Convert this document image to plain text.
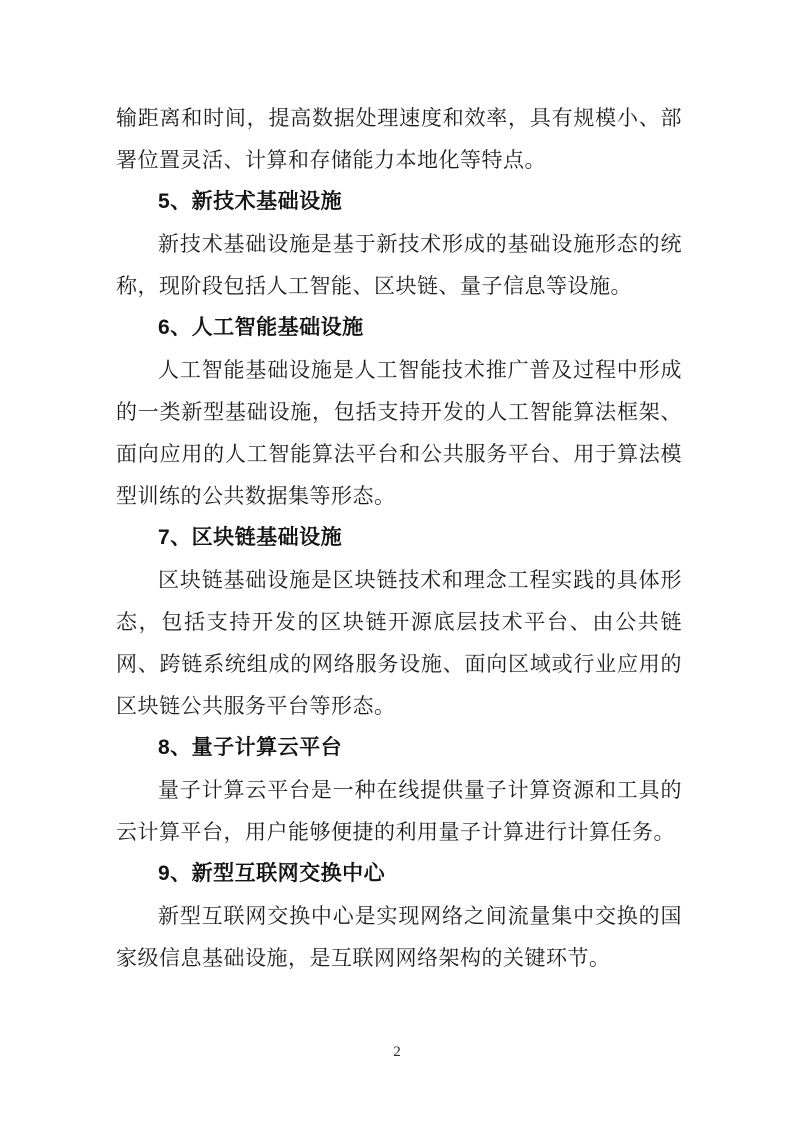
输距离和时间，提高数据处理速度和效率，具有规模小、部署位置灵活、计算和存储能力本地化等特点。

5、新技术基础设施

新技术基础设施是基于新技术形成的基础设施形态的统称，现阶段包括人工智能、区块链、量子信息等设施。

6、人工智能基础设施

人工智能基础设施是人工智能技术推广普及过程中形成的一类新型基础设施，包括支持开发的人工智能算法框架、面向应用的人工智能算法平台和公共服务平台、用于算法模型训练的公共数据集等形态。

7、区块链基础设施

区块链基础设施是区块链技术和理念工程实践的具体形态，包括支持开发的区块链开源底层技术平台、由公共链网、跨链系统组成的网络服务设施、面向区域或行业应用的区块链公共服务平台等形态。

8、量子计算云平台

量子计算云平台是一种在线提供量子计算资源和工具的云计算平台，用户能够便捷的利用量子计算进行计算任务。

9、新型互联网交换中心

新型互联网交换中心是实现网络之间流量集中交换的国家级信息基础设施，是互联网网络架构的关键环节。

2
